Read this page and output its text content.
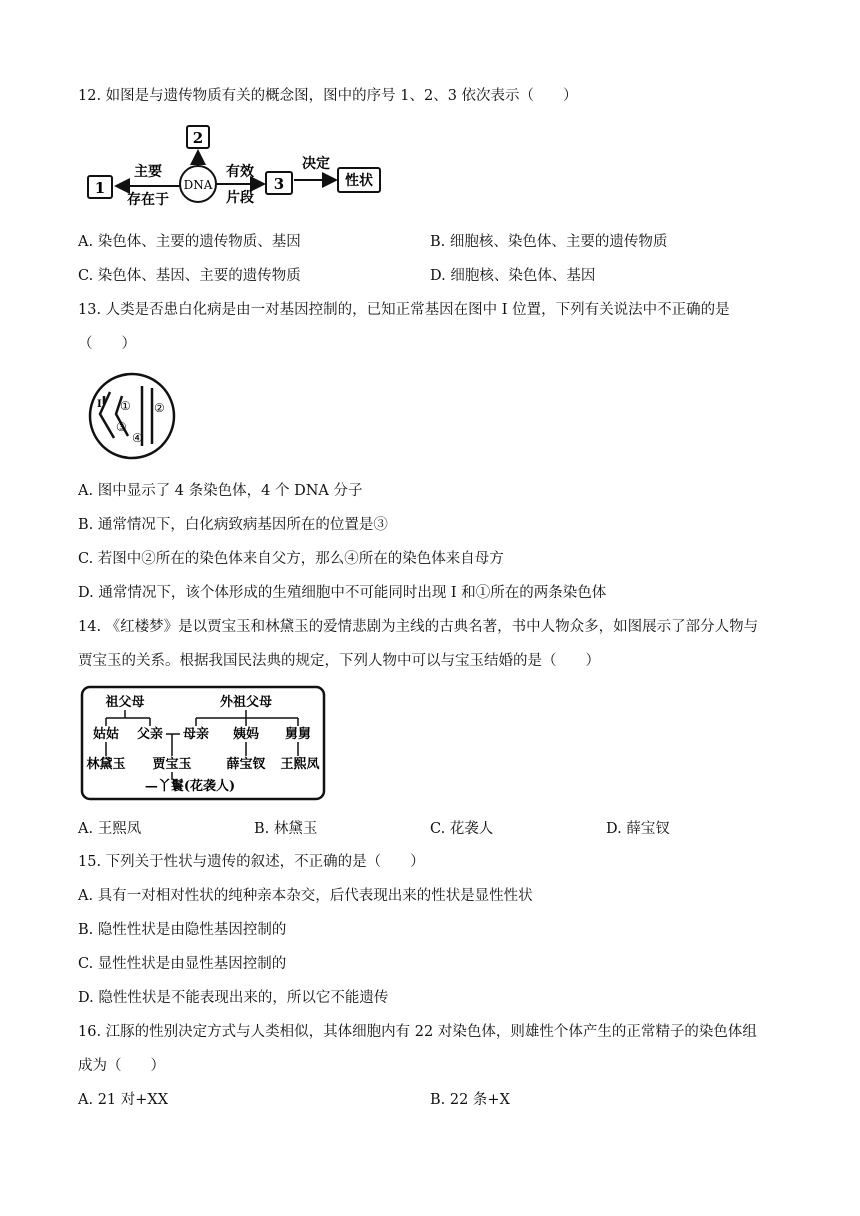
12. 如图是与遗传物质有关的概念图，图中的序号 1、2、3 依次表示（　　）
2
DNA
1
主要
存在于
有效
片段
3
决定
性状
A. 染色体、主要的遗传物质、基因	B. 细胞核、染色体、主要的遗传物质
C. 染色体、基因、主要的遗传物质	D. 细胞核、染色体、基因
13. 人类是否患白化病是由一对基因控制的，已知正常基因在图中 I 位置，下列有关说法中不正确的是
（　　）
I ①
③
②
④
A. 图中显示了 4 条染色体，4 个 DNA 分子
B. 通常情况下，白化病致病基因所在的位置是③
C. 若图中②所在的染色体来自父方，那么④所在的染色体来自母方
D. 通常情况下，该个体形成的生殖细胞中不可能同时出现 I 和①所在的两条染色体
14. 《红楼梦》是以贾宝玉和林黛玉的爱情悲剧为主线的古典名著，书中人物众多，如图展示了部分人物与
贾宝玉的关系。根据我国民法典的规定，下列人物中可以与宝玉结婚的是（　　）
祖父母	外祖父母
姑姑 父亲 母亲 姨妈 舅舅
林黛玉 贾宝玉	薛宝钗 王熙凤
—丫鬟(花袭人)
A. 王熙凤	B. 林黛玉	C. 花袭人	D. 薛宝钗
15. 下列关于性状与遗传的叙述，不正确的是（　　）
A. 具有一对相对性状的纯种亲本杂交，后代表现出来的性状是显性性状
B. 隐性性状是由隐性基因控制的
C. 显性性状是由显性基因控制的
D. 隐性性状是不能表现出来的，所以它不能遗传
16. 江豚的性别决定方式与人类相似，其体细胞内有 22 对染色体，则雄性个体产生的正常精子的染色体组
成为（　　）
A. 21 对+XX	B. 22 条+X
